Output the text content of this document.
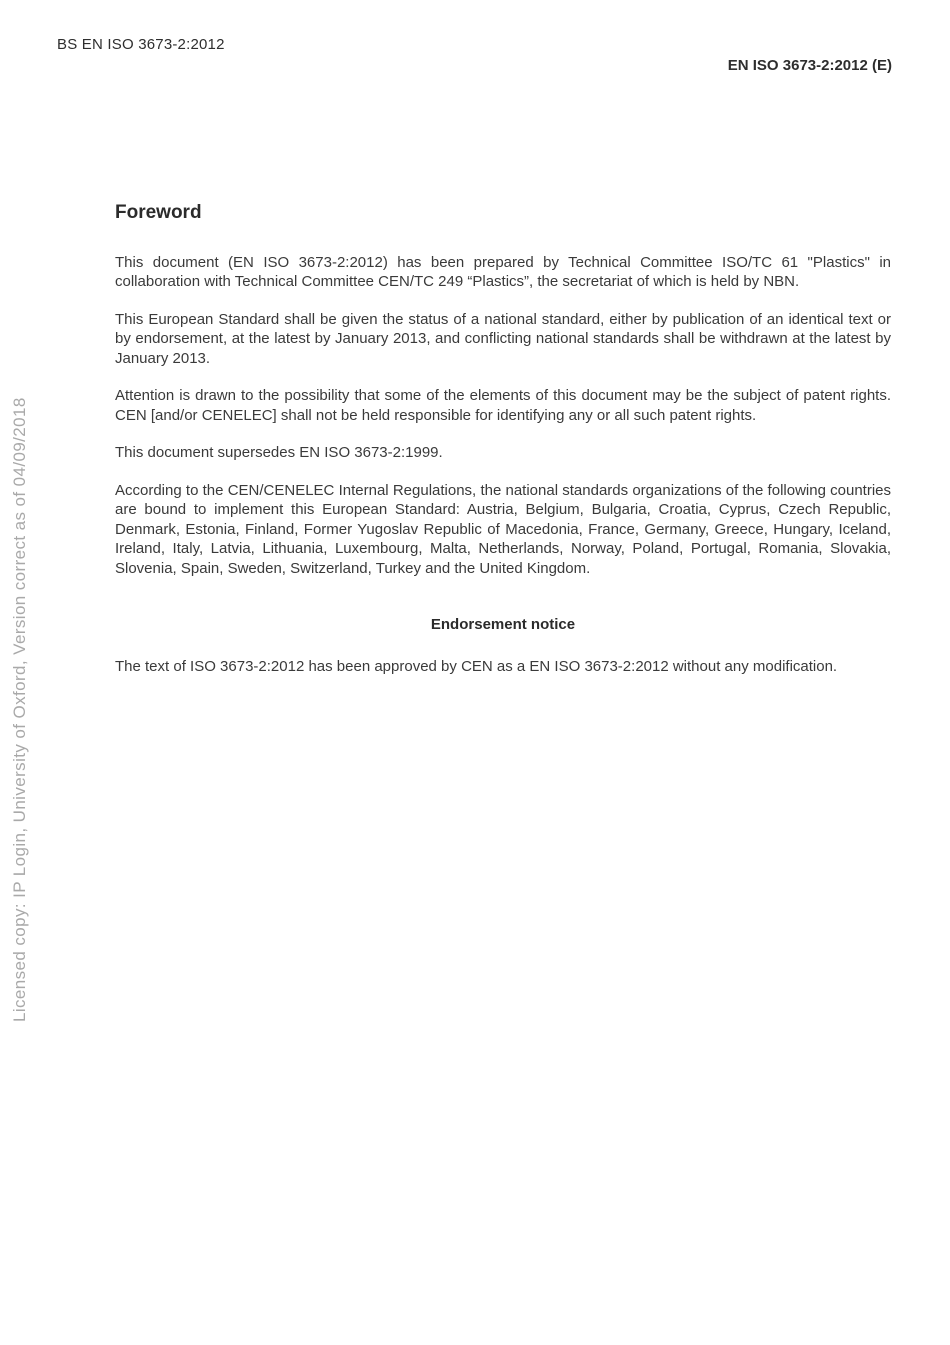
BS EN ISO 3673-2:2012
EN ISO 3673-2:2012 (E)
Licensed copy: IP Login, University of Oxford, Version correct as of 04/09/2018
Foreword

This document (EN ISO 3673-2:2012) has been prepared by Technical Committee ISO/TC 61 "Plastics" in collaboration with Technical Committee CEN/TC 249 “Plastics”, the secretariat of which is held by NBN.

This European Standard shall be given the status of a national standard, either by publication of an identical text or by endorsement, at the latest by January 2013, and conflicting national standards shall be withdrawn at the latest by January 2013.

Attention is drawn to the possibility that some of the elements of this document may be the subject of patent rights. CEN [and/or CENELEC] shall not be held responsible for identifying any or all such patent rights.

This document supersedes EN ISO 3673-2:1999.

According to the CEN/CENELEC Internal Regulations, the national standards organizations of the following countries are bound to implement this European Standard: Austria, Belgium, Bulgaria, Croatia, Cyprus, Czech Republic, Denmark, Estonia, Finland, Former Yugoslav Republic of Macedonia, France, Germany, Greece, Hungary, Iceland, Ireland, Italy, Latvia, Lithuania, Luxembourg, Malta, Netherlands, Norway, Poland, Portugal, Romania, Slovakia, Slovenia, Spain, Sweden, Switzerland, Turkey and the United Kingdom.

Endorsement notice

The text of ISO 3673-2:2012 has been approved by CEN as a EN ISO 3673-2:2012 without any modification.
